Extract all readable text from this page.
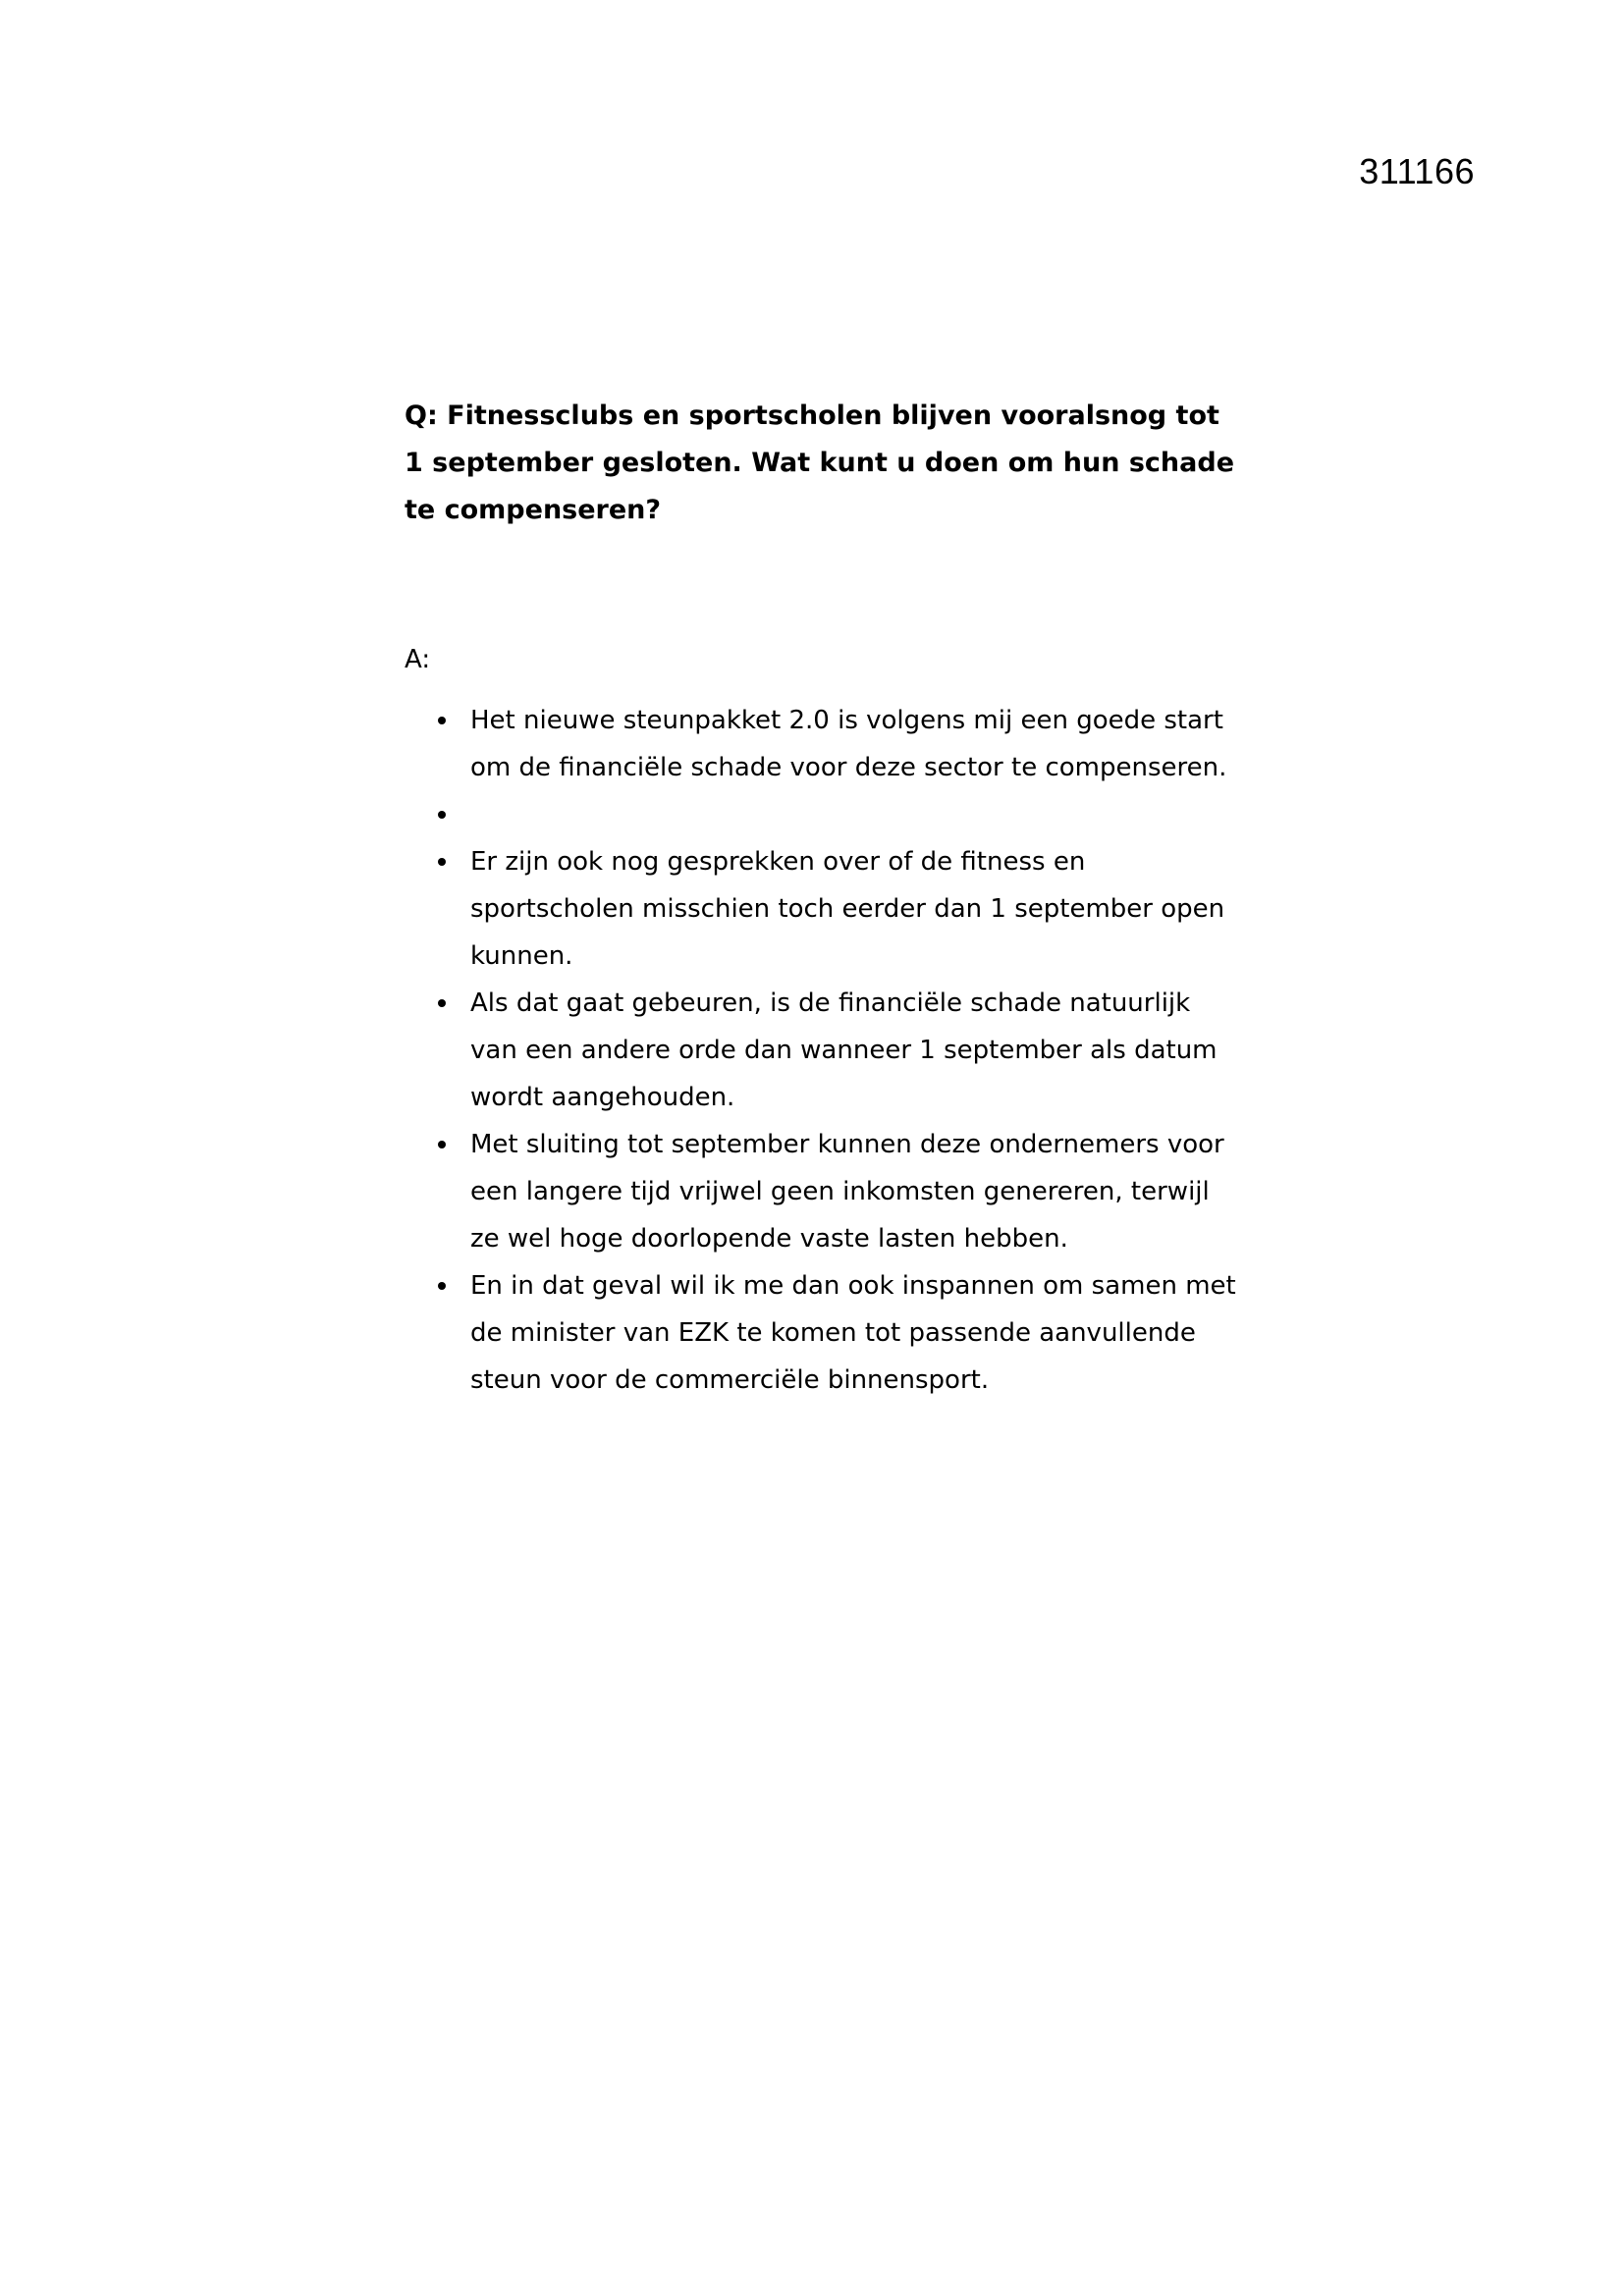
311166

Q: Fitnessclubs en sportscholen blijven vooralsnog tot 1 september gesloten. Wat kunt u doen om hun schade te compenseren?

A:

Het nieuwe steunpakket 2.0 is volgens mij een goede start om de financiële schade voor deze sector te compenseren.
Er zijn ook nog gesprekken over of de fitness en sportscholen misschien toch eerder dan 1 september open kunnen.
Als dat gaat gebeuren, is de financiële schade natuurlijk van een andere orde dan wanneer 1 september als datum wordt aangehouden.
Met sluiting tot september kunnen deze ondernemers voor een langere tijd vrijwel geen inkomsten genereren, terwijl ze wel hoge doorlopende vaste lasten hebben.
En in dat geval wil ik me dan ook inspannen om samen met de minister van EZK te komen tot passende aanvullende steun voor de commerciële binnensport.
